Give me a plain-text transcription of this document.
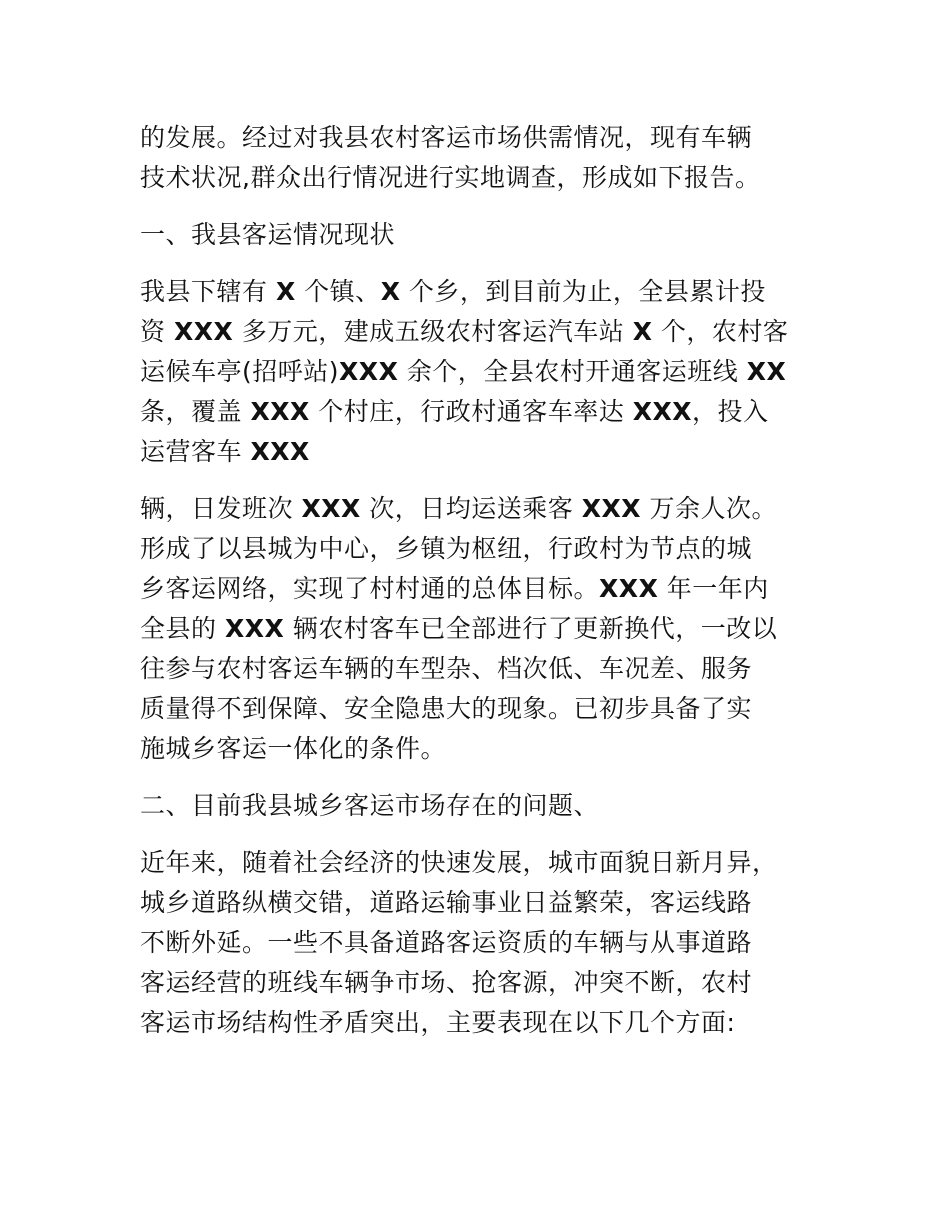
的发展。经过对我县农村客运市场供需情况，现有车辆
技术状况,群众出行情况进行实地调查，形成如下报告。

一、我县客运情况现状

我县下辖有 X 个镇、X 个乡，到目前为止，全县累计投
资 XXX 多万元，建成五级农村客运汽车站 X 个，农村客
运候车亭(招呼站)XXX 余个，全县农村开通客运班线 XX
条，覆盖 XXX 个村庄，行政村通客车率达 XXX，投入
运营客车 XXX

辆，日发班次 XXX 次，日均运送乘客 XXX 万余人次。
形成了以县城为中心，乡镇为枢纽，行政村为节点的城
乡客运网络，实现了村村通的总体目标。XXX 年一年内
全县的 XXX 辆农村客车已全部进行了更新换代，一改以
往参与农村客运车辆的车型杂、档次低、车况差、服务
质量得不到保障、安全隐患大的现象。已初步具备了实
施城乡客运一体化的条件。

二、目前我县城乡客运市场存在的问题、

近年来，随着社会经济的快速发展，城市面貌日新月异，
城乡道路纵横交错，道路运输事业日益繁荣，客运线路
不断外延。一些不具备道路客运资质的车辆与从事道路
客运经营的班线车辆争市场、抢客源，冲突不断，农村
客运市场结构性矛盾突出，主要表现在以下几个方面:
